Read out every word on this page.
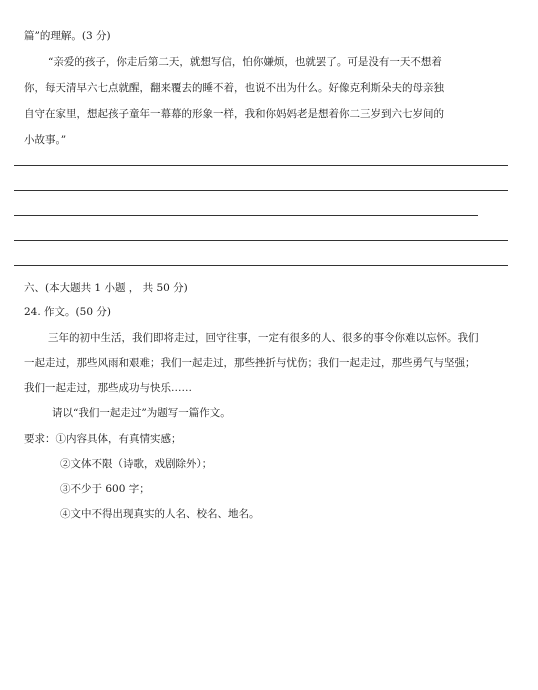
篇”的理解。(3 分)
“亲爱的孩子，你走后第二天，就想写信，怕你嫌烦，也就罢了。可是没有一天不想着
你，每天清早六七点就醒，翻来覆去的睡不着，也说不出为什么。好像克利斯朵夫的母亲独
自守在家里，想起孩子童年一幕幕的形象一样，我和你妈妈老是想着你二三岁到六七岁间的
小故事。”
六、(本大题共 1 小题 ， 共 50 分)
24. 作文。(50 分)
三年的初中生活，我们即将走过，回守往事，一定有很多的人、很多的事令你难以忘怀。我们
一起走过，那些风雨和艰难；我们一起走过，那些挫折与忧伤；我们一起走过，那些勇气与坚强；
我们一起走过，那些成功与快乐……
请以“我们一起走过”为题写一篇作文。
要求：①内容具体，有真情实感；
②文体不限（诗歌，戏剧除外）；
③不少于 600 字；
④文中不得出现真实的人名、校名、地名。
